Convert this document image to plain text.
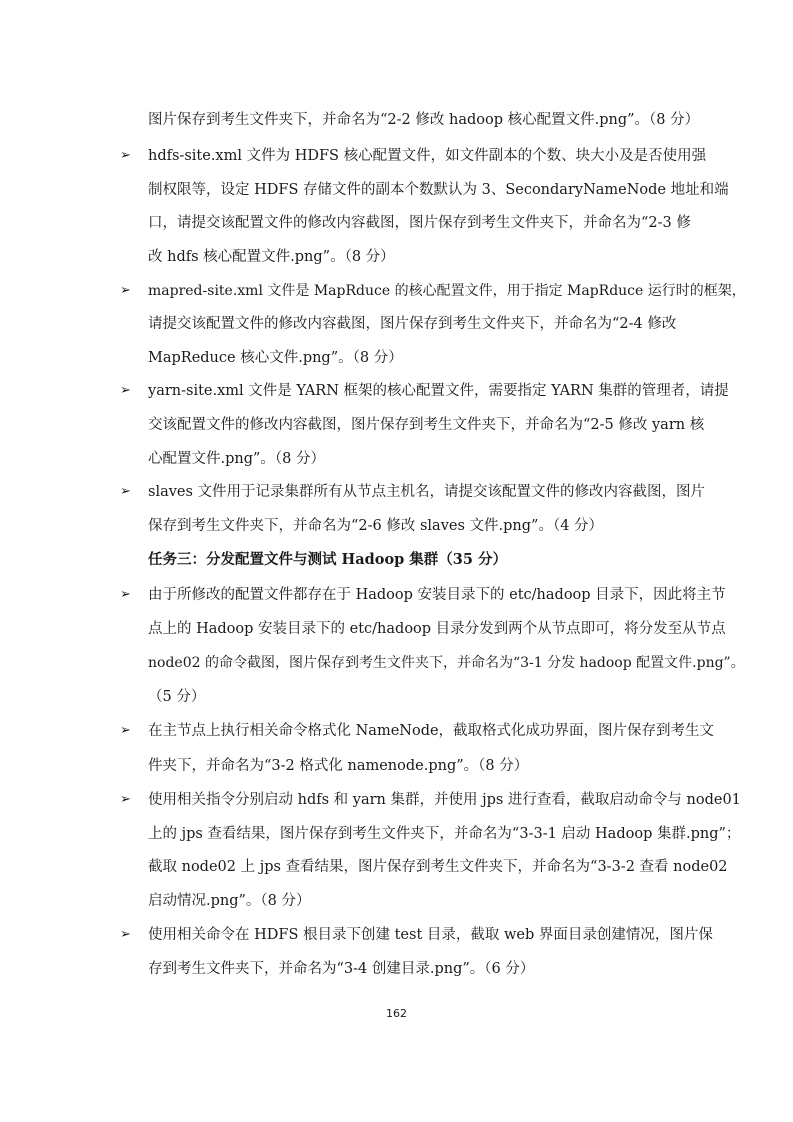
➢
➢
➢
➢
➢
➢
➢
➢
图片保存到考生文件夹下，并命名为“2-2 修改 hadoop 核心配置文件.png”。（8 分）
hdfs-site.xml 文件为 HDFS 核心配置文件，如文件副本的个数、块大小及是否使用强
制权限等，设定 HDFS 存储文件的副本个数默认为 3、SecondaryNameNode 地址和端
口，请提交该配置文件的修改内容截图，图片保存到考生文件夹下，并命名为“2-3 修
改 hdfs 核心配置文件.png”。（8 分）
mapred-site.xml 文件是 MapRduce 的核心配置文件，用于指定 MapRduce 运行时的框架，
请提交该配置文件的修改内容截图，图片保存到考生文件夹下，并命名为“2-4 修改
MapReduce 核心文件.png”。（8 分）
yarn-site.xml 文件是 YARN 框架的核心配置文件，需要指定 YARN 集群的管理者，请提
交该配置文件的修改内容截图，图片保存到考生文件夹下，并命名为“2-5 修改 yarn 核
心配置文件.png”。（8 分）
slaves 文件用于记录集群所有从节点主机名，请提交该配置文件的修改内容截图，图片
保存到考生文件夹下，并命名为“2-6 修改 slaves 文件.png”。（4 分）
任务三：分发配置文件与测试 Hadoop 集群（35 分）
由于所修改的配置文件都存在于 Hadoop 安装目录下的 etc/hadoop 目录下，因此将主节
点上的 Hadoop 安装目录下的 etc/hadoop 目录分发到两个从节点即可，将分发至从节点
node02 的命令截图，图片保存到考生文件夹下，并命名为“3-1 分发 hadoop 配置文件.png”。
（5 分）
在主节点上执行相关命令格式化 NameNode，截取格式化成功界面，图片保存到考生文
件夹下，并命名为“3-2 格式化 namenode.png”。（8 分）
使用相关指令分别启动 hdfs 和 yarn 集群，并使用 jps 进行查看，截取启动命令与 node01
上的 jps 查看结果，图片保存到考生文件夹下，并命名为“3-3-1 启动 Hadoop 集群.png”；
截取 node02 上 jps 查看结果，图片保存到考生文件夹下，并命名为“3-3-2 查看 node02
启动情况.png”。（8 分）
使用相关命令在 HDFS 根目录下创建 test 目录，截取 web 界面目录创建情况，图片保
存到考生文件夹下，并命名为“3-4 创建目录.png”。（6 分）
162
